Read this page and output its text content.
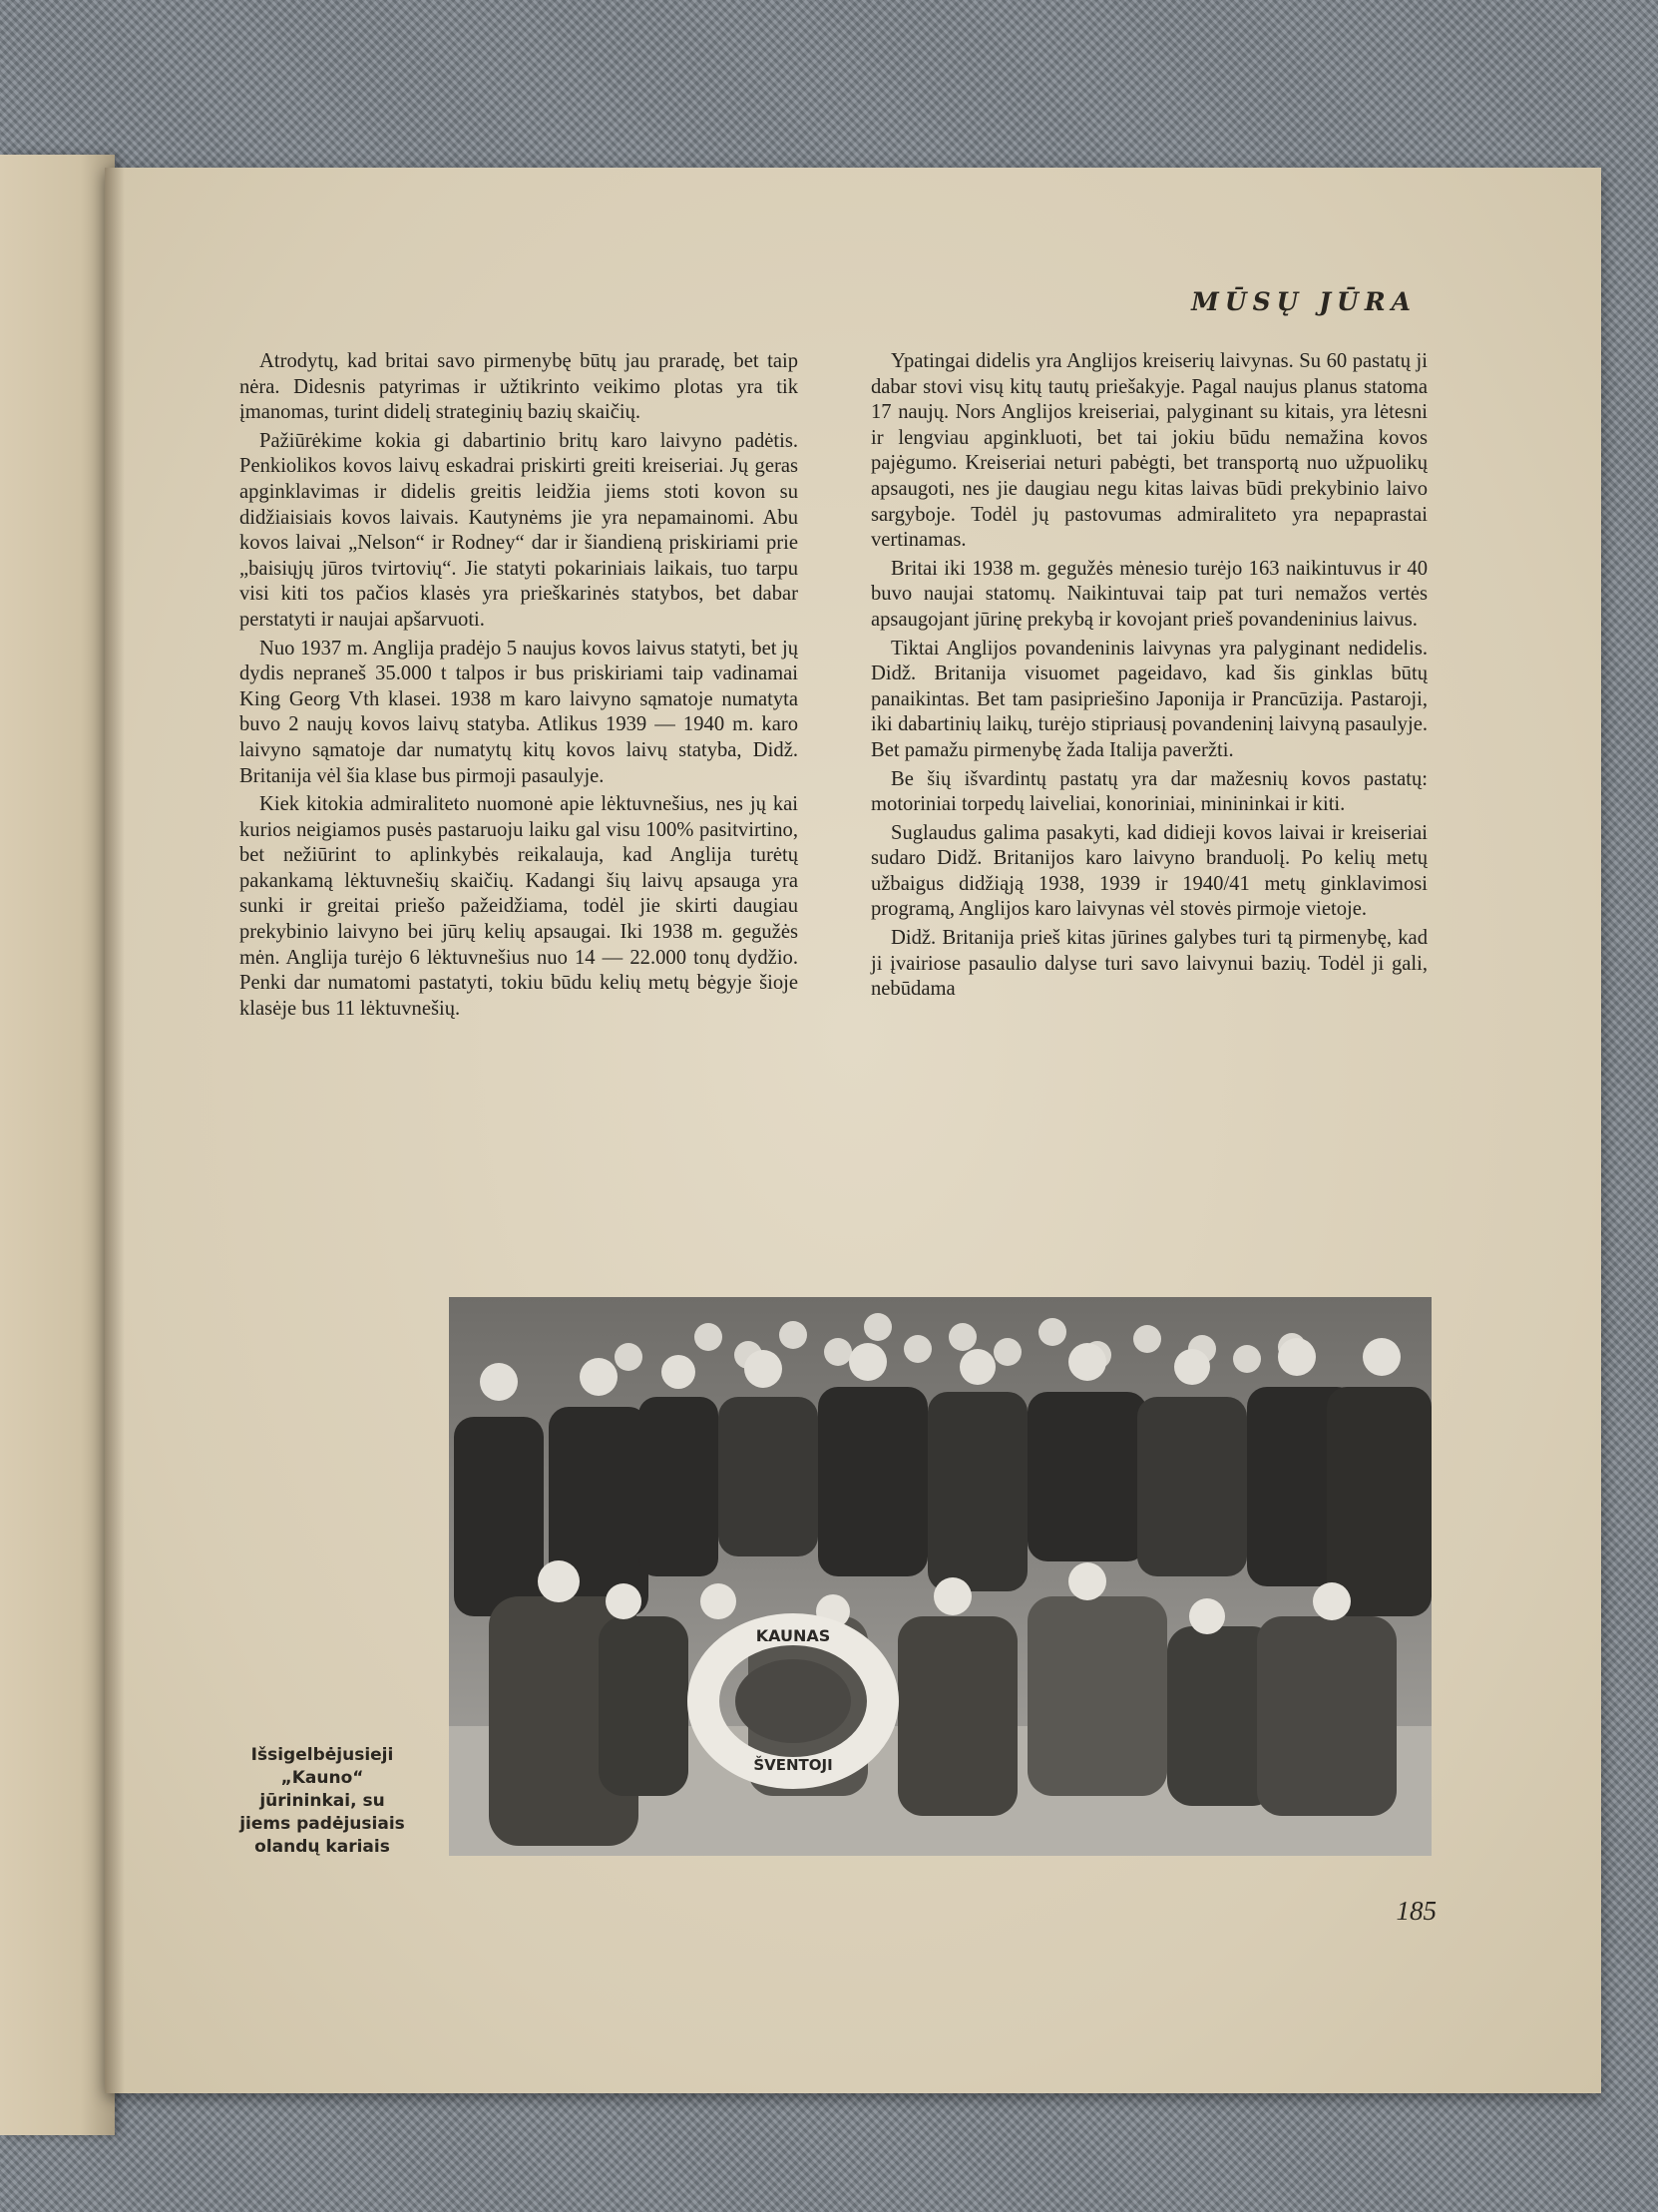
MŪSŲ JŪRA

Atrodytų, kad britai savo pirmenybę būtų jau praradę, bet taip nėra. Didesnis patyrimas ir užtikrinto veikimo plotas yra tik įmanomas, turint didelį strateginių bazių skaičių.

Pažiūrėkime kokia gi dabartinio britų karo laivyno padėtis. Penkiolikos kovos laivų eskadrai priskirti greiti kreiseriai. Jų geras apginklavimas ir didelis greitis leidžia jiems stoti kovon su didžiaisiais kovos laivais. Kautynėms jie yra nepamainomi. Abu kovos laivai „Nelson“ ir Rodney“ dar ir šiandieną priskiriami prie „baisiųjų jūros tvirtovių“. Jie statyti pokariniais laikais, tuo tarpu visi kiti tos pačios klasės yra prieškarinės statybos, bet dabar perstatyti ir naujai apšarvuoti.

Nuo 1937 m. Anglija pradėjo 5 naujus kovos laivus statyti, bet jų dydis nepraneš 35.000 t talpos ir bus priskiriami taip vadinamai King Georg Vth klasei. 1938 m karo laivyno sąmatoje numatyta buvo 2 naujų kovos laivų statyba. Atlikus 1939 — 1940 m. karo laivyno sąmatoje dar numatytų kitų kovos laivų statyba, Didž. Britanija vėl šia klase bus pirmoji pasaulyje.

Kiek kitokia admiraliteto nuomonė apie lėktuvnešius, nes jų kai kurios neigiamos pusės pastaruoju laiku gal visu 100% pasitvirtino, bet nežiūrint to aplinkybės reikalauja, kad Anglija turėtų pakankamą lėktuvnešių skaičių. Kadangi šių laivų apsauga yra sunki ir greitai priešo pažeidžiama, todėl jie skirti daugiau prekybinio laivyno bei jūrų kelių apsaugai. Iki 1938 m. gegužės mėn. Anglija turėjo 6 lėktuvnešius nuo 14 — 22.000 tonų dydžio. Penki dar numatomi pastatyti, tokiu būdu kelių metų bėgyje šioje klasėje bus 11 lėktuvnešių.

Ypatingai didelis yra Anglijos kreiserių laivynas. Su 60 pastatų ji dabar stovi visų kitų tautų priešakyje. Pagal naujus planus statoma 17 naujų. Nors Anglijos kreiseriai, palyginant su kitais, yra lėtesni ir lengviau apginkluoti, bet tai jokiu būdu nemažina kovos pajėgumo. Kreiseriai neturi pabėgti, bet transportą nuo užpuolikų apsaugoti, nes jie daugiau negu kitas laivas būdi prekybinio laivo sargyboje. Todėl jų pastovumas admiraliteto yra nepaprastai vertinamas.

Britai iki 1938 m. gegužės mėnesio turėjo 163 naikintuvus ir 40 buvo naujai statomų. Naikintuvai taip pat turi nemažos vertės apsaugojant jūrinę prekybą ir kovojant prieš povandeninius laivus.

Tiktai Anglijos povandeninis laivynas yra palyginant nedidelis. Didž. Britanija visuomet pageidavo, kad šis ginklas būtų panaikintas. Bet tam pasipriešino Japonija ir Prancūzija. Pastaroji, iki dabartinių laikų, turėjo stipriausį povandeninį laivyną pasaulyje. Bet pamažu pirmenybę žada Italija paveržti.

Be šių išvardintų pastatų yra dar mažesnių kovos pastatų: motoriniai torpedų laiveliai, konoriniai, minininkai ir kiti.

Suglaudus galima pasakyti, kad didieji kovos laivai ir kreiseriai sudaro Didž. Britanijos karo laivyno branduolį. Po kelių metų užbaigus didžiąją 1938, 1939 ir 1940/41 metų ginklavimosi programą, Anglijos karo laivynas vėl stovės pirmoje vietoje.

Didž. Britanija prieš kitas jūrines galybes turi tą pirmenybę, kad ji įvairiose pasaulio dalyse turi savo laivynui bazių. Todėl ji gali, nebūdama

KAUNAS
ŠVENTOJI
Išsigelbėjusieji „Kauno“ jūrininkai, su jiems padėjusiais olandų kariais
185
